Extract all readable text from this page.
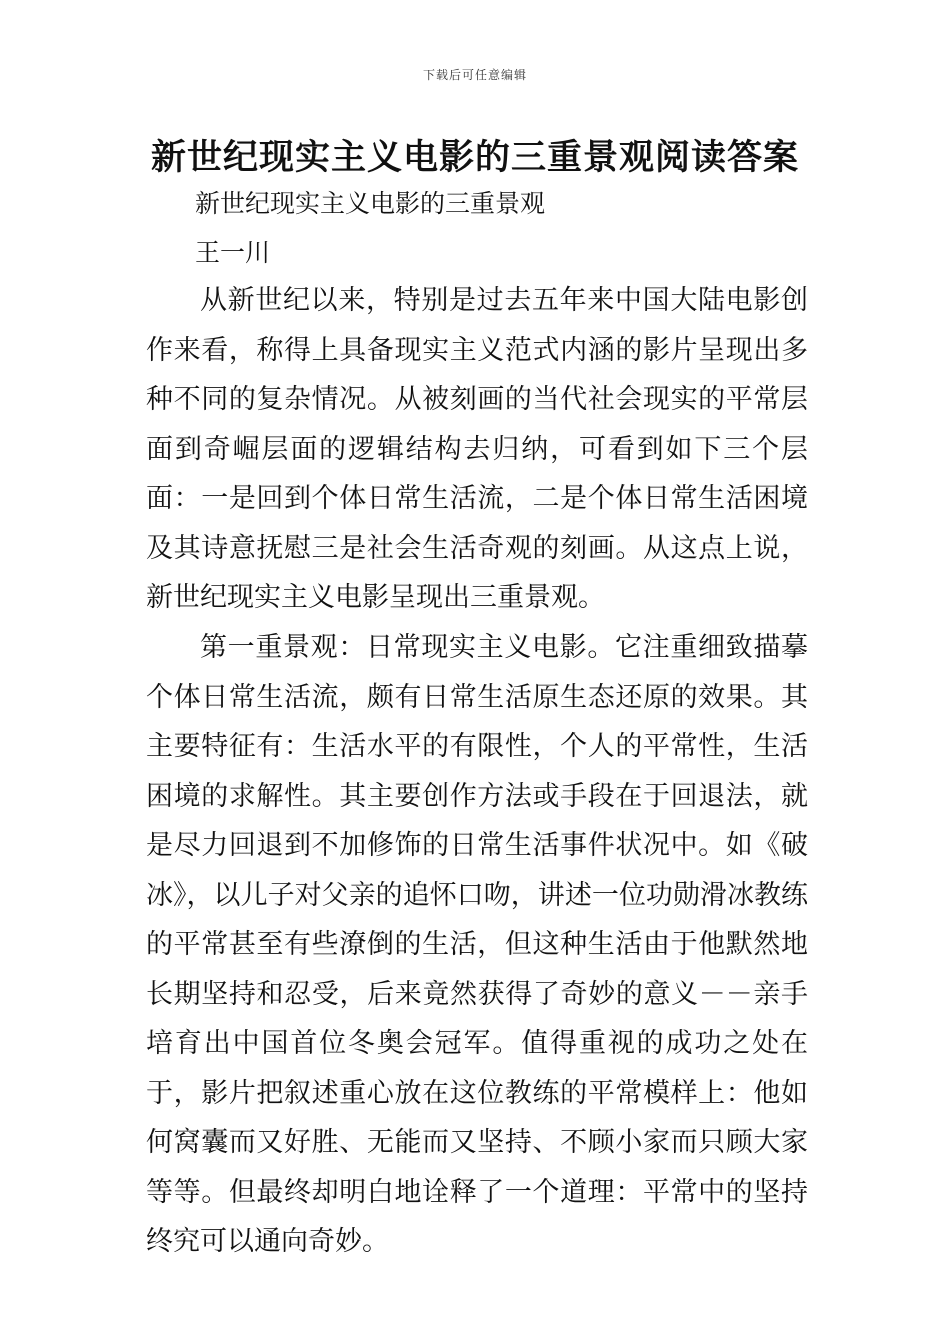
下载后可任意编辑
新世纪现实主义电影的三重景观阅读答案

新世纪现实主义电影的三重景观

王一川

从新世纪以来，特别是过去五年来中国大陆电影创作来看，称得上具备现实主义范式内涵的影片呈现出多种不同的复杂情况。从被刻画的当代社会现实的平常层面到奇崛层面的逻辑结构去归纳，可看到如下三个层面：一是回到个体日常生活流，二是个体日常生活困境及其诗意抚慰三是社会生活奇观的刻画。从这点上说，新世纪现实主义电影呈现出三重景观。

第一重景观：日常现实主义电影。它注重细致描摹个体日常生活流，颇有日常生活原生态还原的效果。其主要特征有：生活水平的有限性，个人的平常性，生活困境的求解性。其主要创作方法或手段在于回退法，就是尽力回退到不加修饰的日常生活事件状况中。如《破冰》，以儿子对父亲的追怀口吻，讲述一位功勋滑冰教练的平常甚至有些潦倒的生活，但这种生活由于他默然地长期坚持和忍受，后来竟然获得了奇妙的意义－－亲手培育出中国首位冬奥会冠军。值得重视的成功之处在于，影片把叙述重心放在这位教练的平常模样上：他如何窝囊而又好胜、无能而又坚持、不顾小家而只顾大家等等。但最终却明白地诠释了一个道理：平常中的坚持终究可以通向奇妙。
